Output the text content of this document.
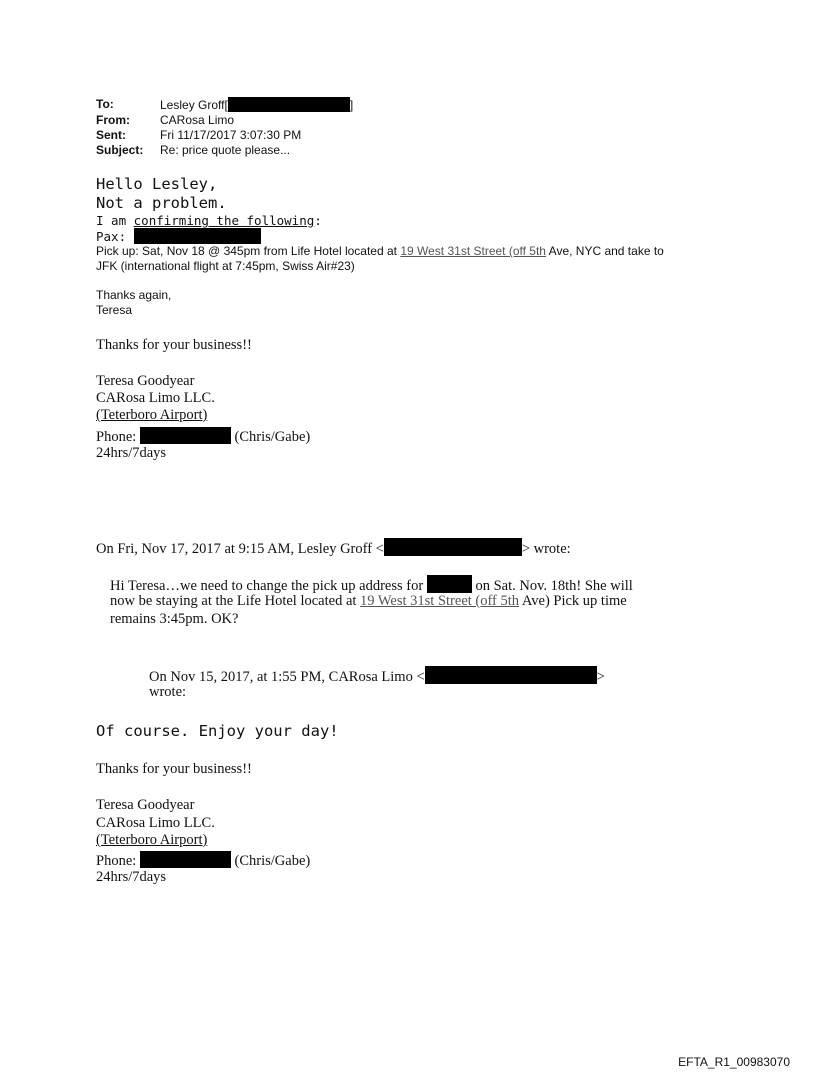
To:	Lesley Groff[	]
From:	CARosa Limo
Sent:	Fri 11/17/2017 3:07:30 PM
Subject:	Re: price quote please...
Hello Lesley,
Not a problem.
I am confirming the following:
Pax:
Pick up: Sat, Nov 18 @ 345pm from Life Hotel located at 19 West 31st Street (off 5th Ave, NYC and take to
JFK (international flight at 7:45pm, Swiss Air#23)
Thanks again,
Teresa
Thanks for your business!!
Teresa Goodyear
CARosa Limo LLC.
(Teterboro Airport)
Phone:	(Chris/Gabe)
24hrs/7days
On Fri, Nov 17, 2017 at 9:15 AM, Lesley Groff <	> wrote:
Hi Teresa…we need to change the pick up address for	on Sat. Nov. 18th! She will
now be staying at the Life Hotel located at 19 West 31st Street (off 5th Ave) Pick up time
remains 3:45pm. OK?
On Nov 15, 2017, at 1:55 PM, CARosa Limo <	>
wrote:
Of course. Enjoy your day!
Thanks for your business!!
Teresa Goodyear
CARosa Limo LLC.
(Teterboro Airport)
Phone:	(Chris/Gabe)
24hrs/7days
EFTA_R1_00983070
